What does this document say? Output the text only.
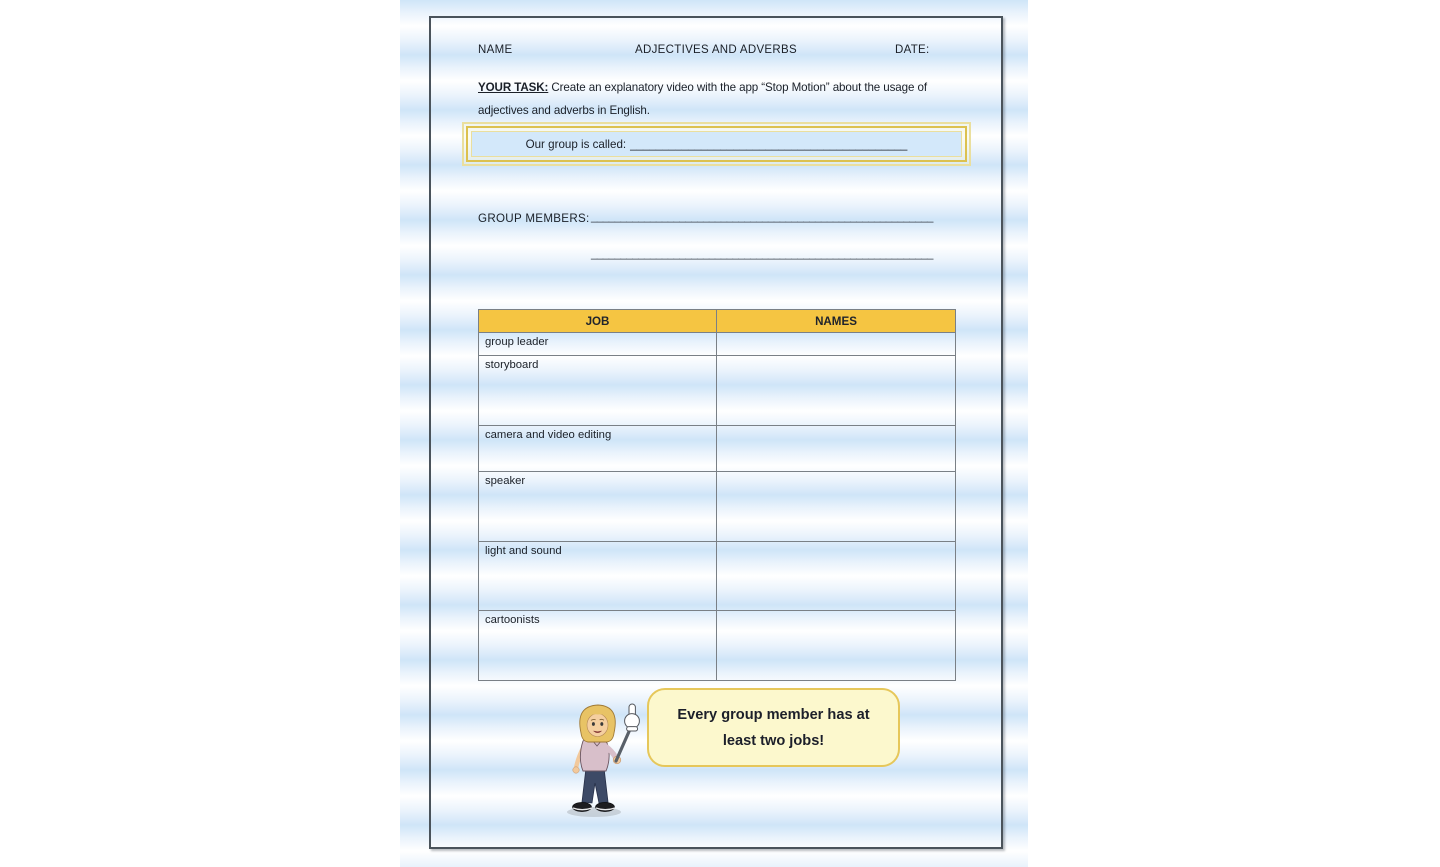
NAME	ADJECTIVES AND ADVERBS	DATE:
YOUR TASK: Create an explanatory video with the app “Stop Motion” about the usage of adjectives and adverbs in English.
Our group is called: ___________________________________________
GROUP MEMBERS: __________________________________________________________
__________________________________________________________
JOB	NAMES
group leader	
storyboard	
camera and video editing	
speaker	
light and sound	
cartoonists	
Every group member has at least two jobs!
